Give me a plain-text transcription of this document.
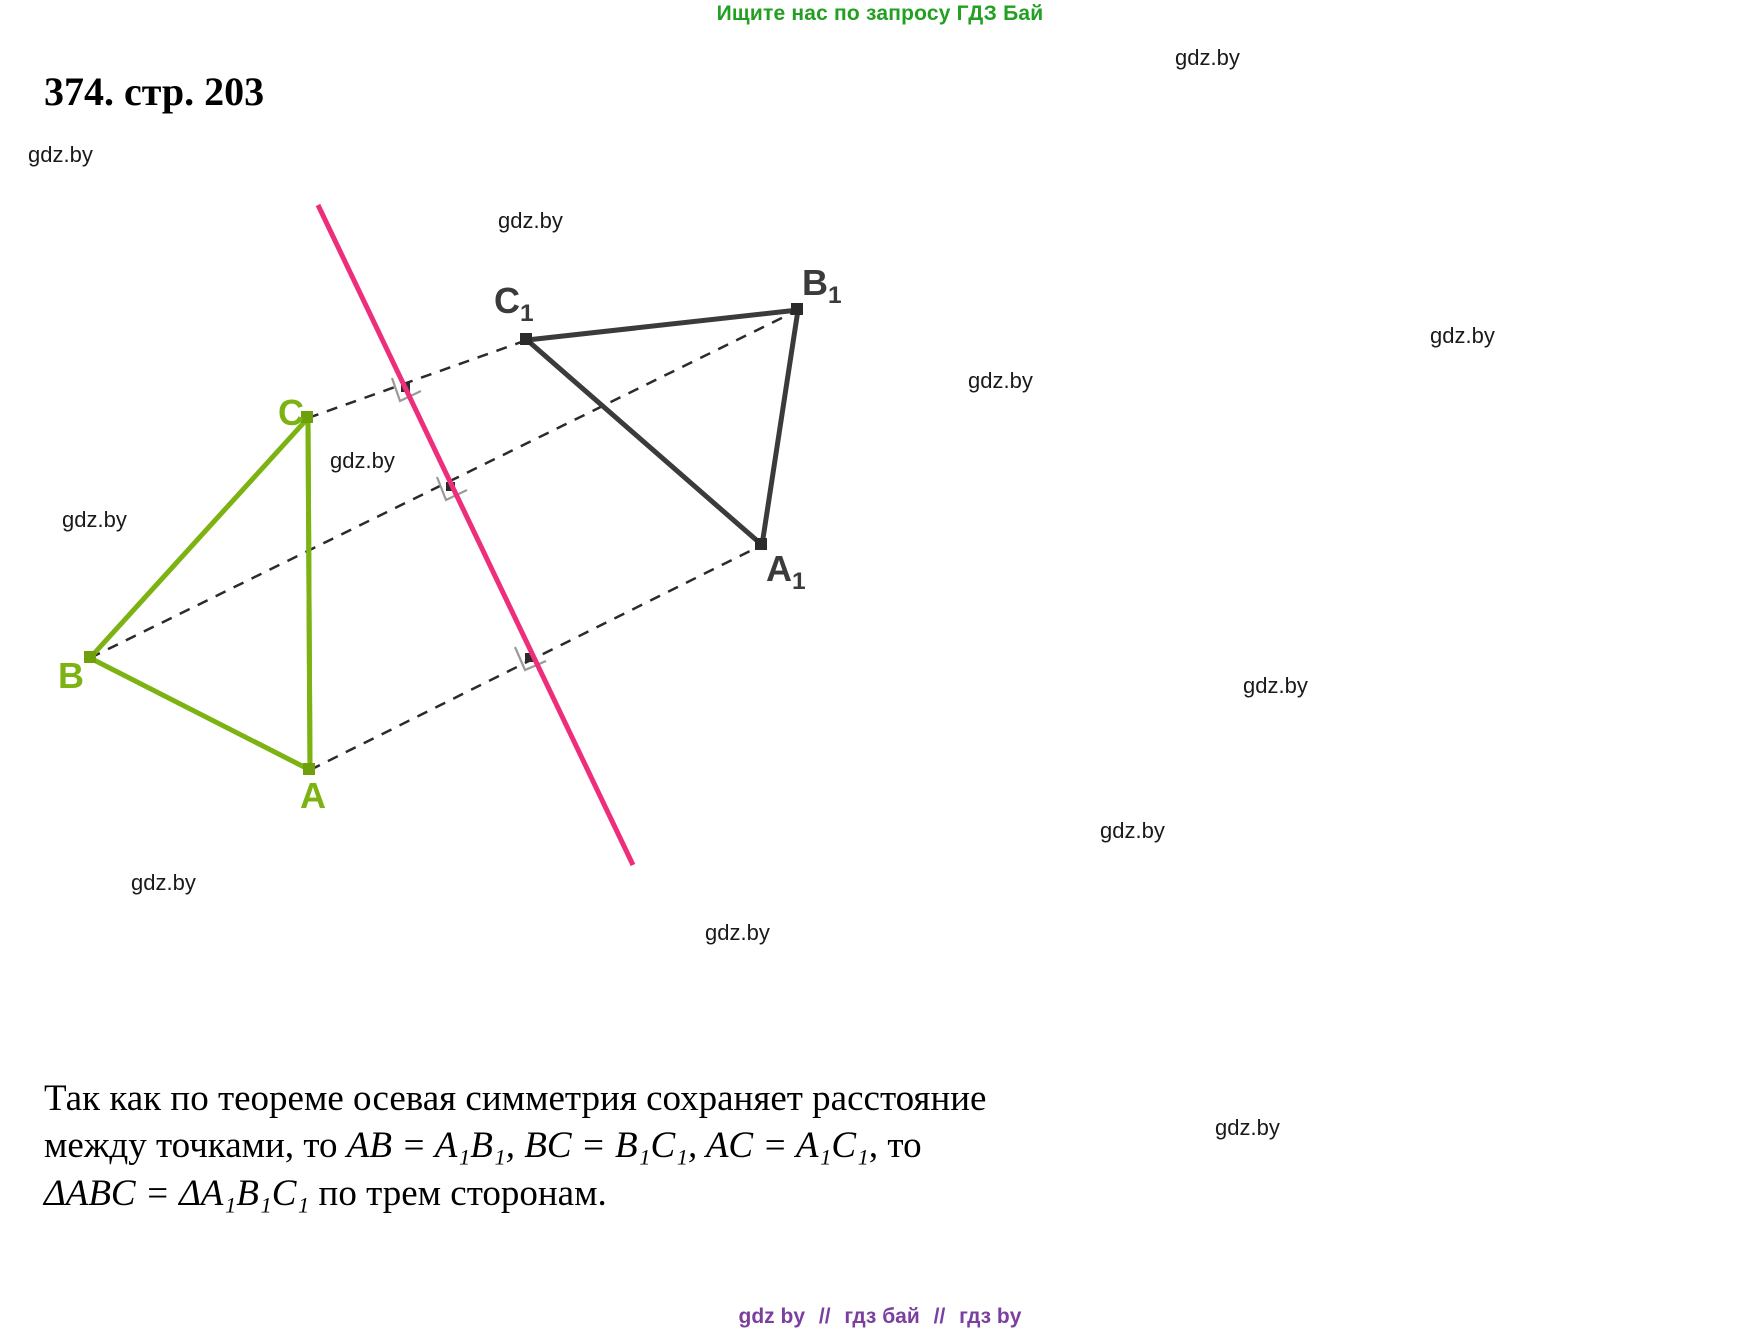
Ищите нас по запросу ГДЗ Бай
374. стр. 203
gdz.by
gdz.by
gdz.by
gdz.by
gdz.by
gdz.by
gdz.by
gdz.by
gdz.by
gdz.by
gdz.by
gdz.by
C
B
A
$C_1$
$B_1$
$A_1$
Так как по теореме осевая симметрия сохраняет расстояние
между точками, то AB = A₁B₁, BC = B₁C₁, AC = A₁C₁, то
ΔABC = ΔA₁B₁C₁ по трем сторонам.
gdz by // гдз бай // гдз by
